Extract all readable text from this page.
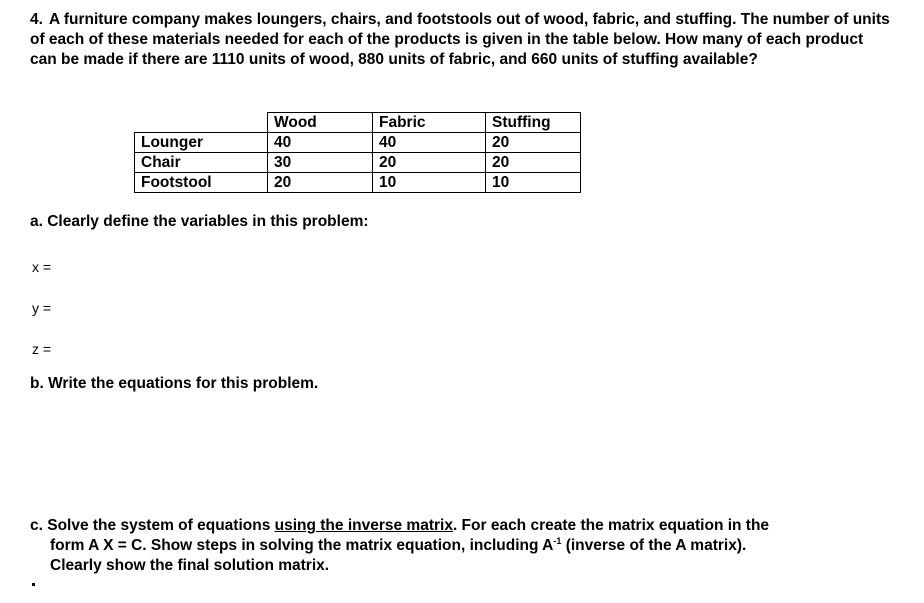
4. A furniture company makes loungers, chairs, and footstools out of wood, fabric, and stuffing. The number of units of each of these materials needed for each of the products is given in the table below. How many of each product can be made if there are 1110 units of wood, 880 units of fabric, and 660 units of stuffing available?
	Wood	Fabric	Stuffing
Lounger	40	40	20
Chair	30	20	20
Footstool	20	10	10
a. Clearly define the variables in this problem:
x =
y =
z =
b. Write the equations for this problem.
c. Solve the system of equations using the inverse matrix. For each create the matrix equation in the
form A X = C. Show steps in solving the matrix equation, including $A^{-1}$ (inverse of the A matrix).
Clearly show the final solution matrix.
